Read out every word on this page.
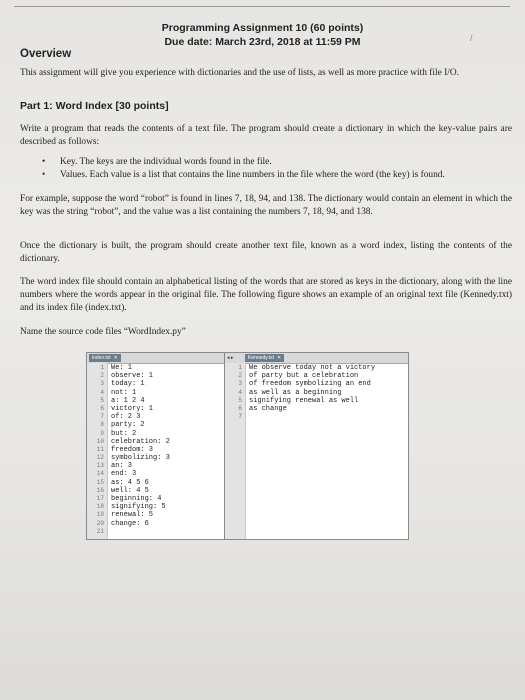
/
Programming Assignment 10 (60 points)
Due date: March 23rd, 2018 at 11:59 PM
Overview
This assignment will give you experience with dictionaries and the use of lists, as well as more practice with file I/O.
Part 1: Word Index [30 points]
Write a program that reads the contents of a text file. The program should create a dictionary in which the key-value pairs are described as follows:
• Key. The keys are the individual words found in the file.
• Values. Each value is a list that contains the line numbers in the file where the word (the key) is found.
For example, suppose the word “robot” is found in lines 7, 18, 94, and 138. The dictionary would contain an element in which the key was the string “robot”, and the value was a list containing the numbers 7, 18, 94, and 138.
Once the dictionary is built, the program should create another text file, known as a word index, listing the contents of the dictionary.
The word index file should contain an alphabetical listing of the words that are stored as keys in the dictionary, along with the line numbers where the words appear in the original file. The following figure shows an example of an original text file (Kennedy.txt) and its index file (index.txt).
Name the source code files “WordIndex.py”
index.txt ✕
1
2
3
4
5
6
7
8
9
10
11
12
13
14
15
16
17
18
19
20
21
We: 1
observe: 1
today: 1
not: 1
a: 1 2 4
victory: 1
of: 2 3
party: 2
but: 2
celebration: 2
freedom: 3
symbolizing: 3
an: 3
end: 3
as: 4 5 6
well: 4 5
beginning: 4
signifying: 5
renewal: 5
change: 6
◂ ▸	Kennedy.txt ✕
1
2
3
4
5
6
7
We observe today not a victory
of party but a celebration
of freedom symbolizing an end
as well as a beginning
signifying renewal as well
as change
